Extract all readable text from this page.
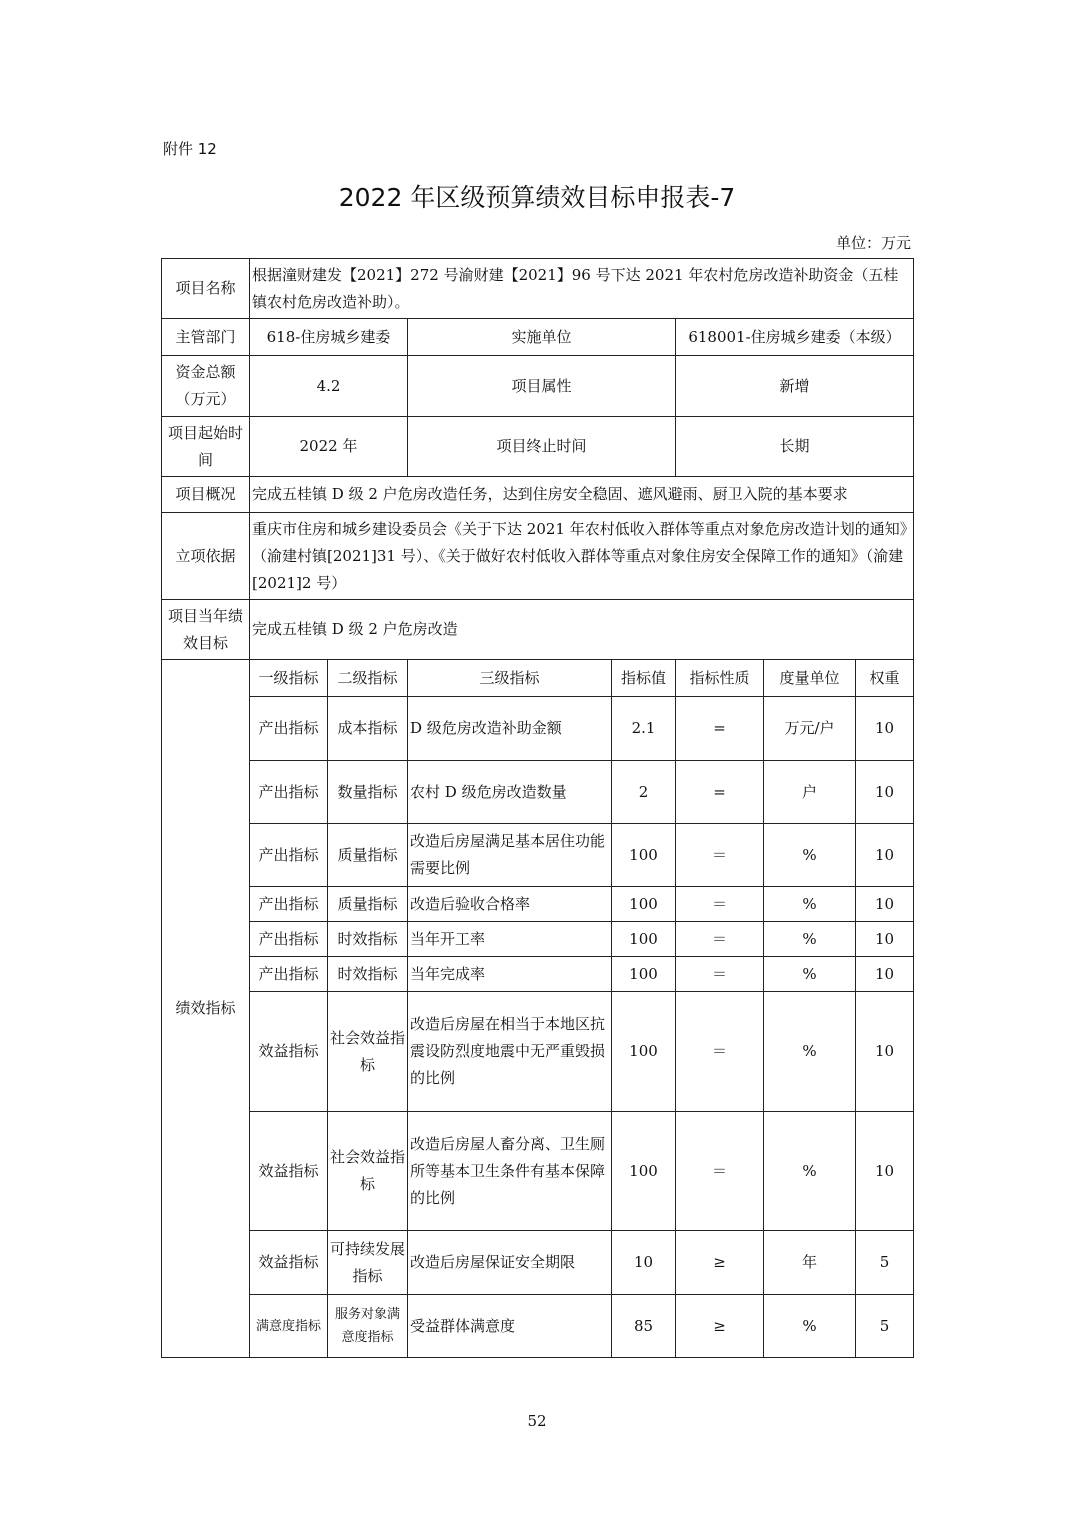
附件 12
2022 年区级预算绩效目标申报表-7
单位：万元
项目名称	根据潼财建发【2021】272 号渝财建【2021】96 号下达 2021 年农村危房改造补助资金（五桂镇农村危房改造补助）。						
主管部门	618-住房城乡建委		实施单位		618001-住房城乡建委（本级）		
资金总额（万元）	4.2		项目属性		新增		
项目起始时间	2022 年		项目终止时间		长期		
项目概况	完成五桂镇 D 级 2 户危房改造任务，达到住房安全稳固、遮风避雨、厨卫入院的基本要求						
立项依据	重庆市住房和城乡建设委员会《关于下达 2021 年农村低收入群体等重点对象危房改造计划的通知》（渝建村镇[2021]31 号）、《关于做好农村低收入群体等重点对象住房安全保障工作的通知》（渝建[2021]2 号）						
项目当年绩效目标	完成五桂镇 D 级 2 户危房改造						
绩效指标	一级指标	二级指标	三级指标	指标值	指标性质	度量单位	权重
	产出指标	成本指标	D 级危房改造补助金额	2.1	=	万元/户	10
	产出指标	数量指标	农村 D 级危房改造数量	2	=	户	10
	产出指标	质量指标	改造后房屋满足基本居住功能需要比例	100	＝	%	10
	产出指标	质量指标	改造后验收合格率	100	＝	%	10
	产出指标	时效指标	当年开工率	100	＝	%	10
	产出指标	时效指标	当年完成率	100	＝	%	10
	效益指标	社会效益指标	改造后房屋在相当于本地区抗震设防烈度地震中无严重毁损的比例	100	＝	%	10
	效益指标	社会效益指标	改造后房屋人畜分离、卫生厕所等基本卫生条件有基本保障的比例	100	＝	%	10
	效益指标	可持续发展指标	改造后房屋保证安全期限	10	≥	年	5
	满意度指标	服务对象满意度指标	受益群体满意度	85	≥	%	5
52
